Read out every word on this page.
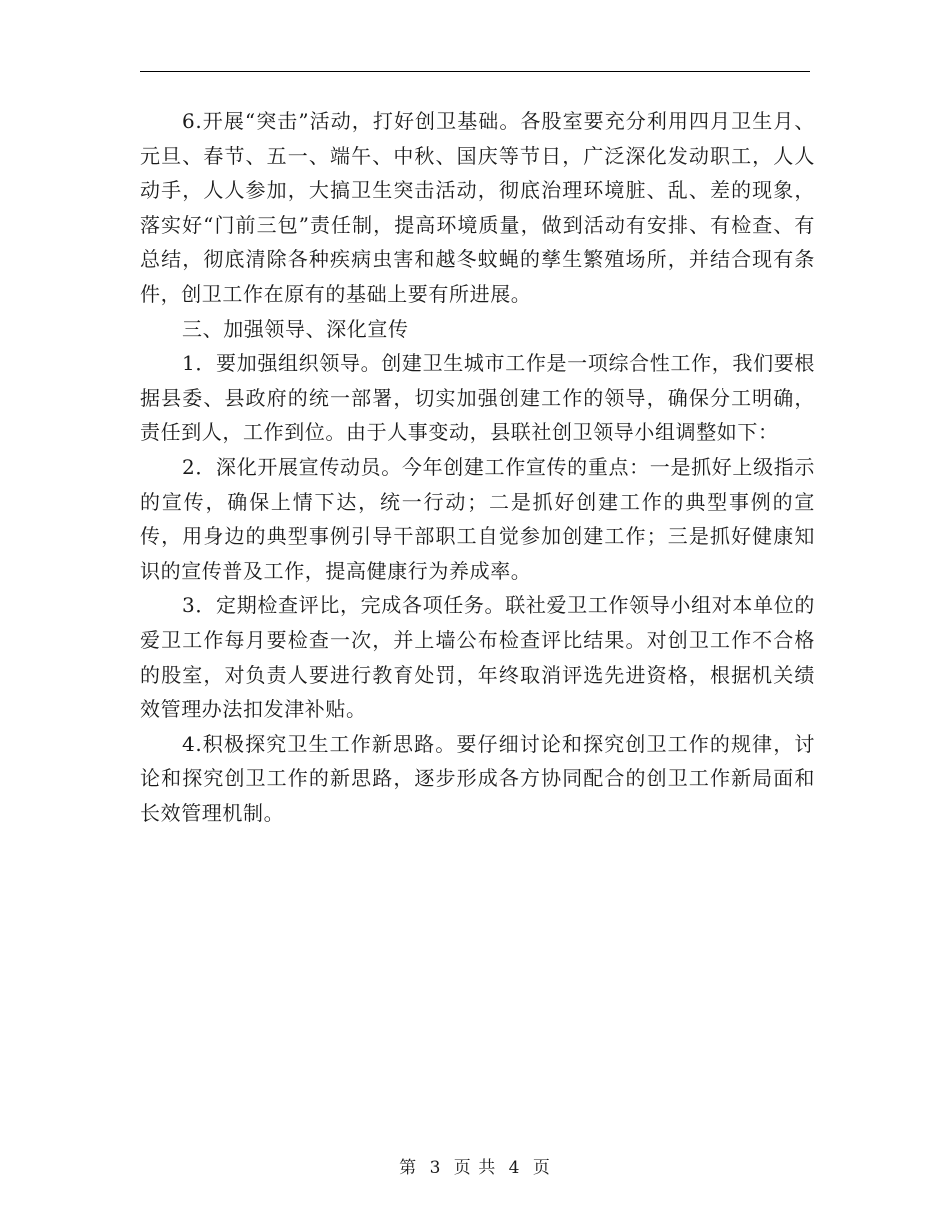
6.开展“突击”活动，打好创卫基础。各股室要充分利用四月卫生月、元旦、春节、五一、端午、中秋、国庆等节日，广泛深化发动职工，人人动手，人人参加，大搞卫生突击活动，彻底治理环境脏、乱、差的现象，落实好“门前三包”责任制，提高环境质量，做到活动有安排、有检查、有总结，彻底清除各种疾病虫害和越冬蚊蝇的孳生繁殖场所，并结合现有条件，创卫工作在原有的基础上要有所进展。

三、加强领导、深化宣传

1．要加强组织领导。创建卫生城市工作是一项综合性工作，我们要根据县委、县政府的统一部署，切实加强创建工作的领导，确保分工明确，责任到人，工作到位。由于人事变动，县联社创卫领导小组调整如下：

2．深化开展宣传动员。今年创建工作宣传的重点：一是抓好上级指示的宣传，确保上情下达，统一行动；二是抓好创建工作的典型事例的宣传，用身边的典型事例引导干部职工自觉参加创建工作；三是抓好健康知识的宣传普及工作，提高健康行为养成率。

3．定期检查评比，完成各项任务。联社爱卫工作领导小组对本单位的爱卫工作每月要检查一次，并上墙公布检查评比结果。对创卫工作不合格的股室，对负责人要进行教育处罚，年终取消评选先进资格，根据机关绩效管理办法扣发津补贴。

4.积极探究卫生工作新思路。要仔细讨论和探究创卫工作的规律，讨论和探究创卫工作的新思路，逐步形成各方协同配合的创卫工作新局面和长效管理机制。

第 3 页 共 4 页
